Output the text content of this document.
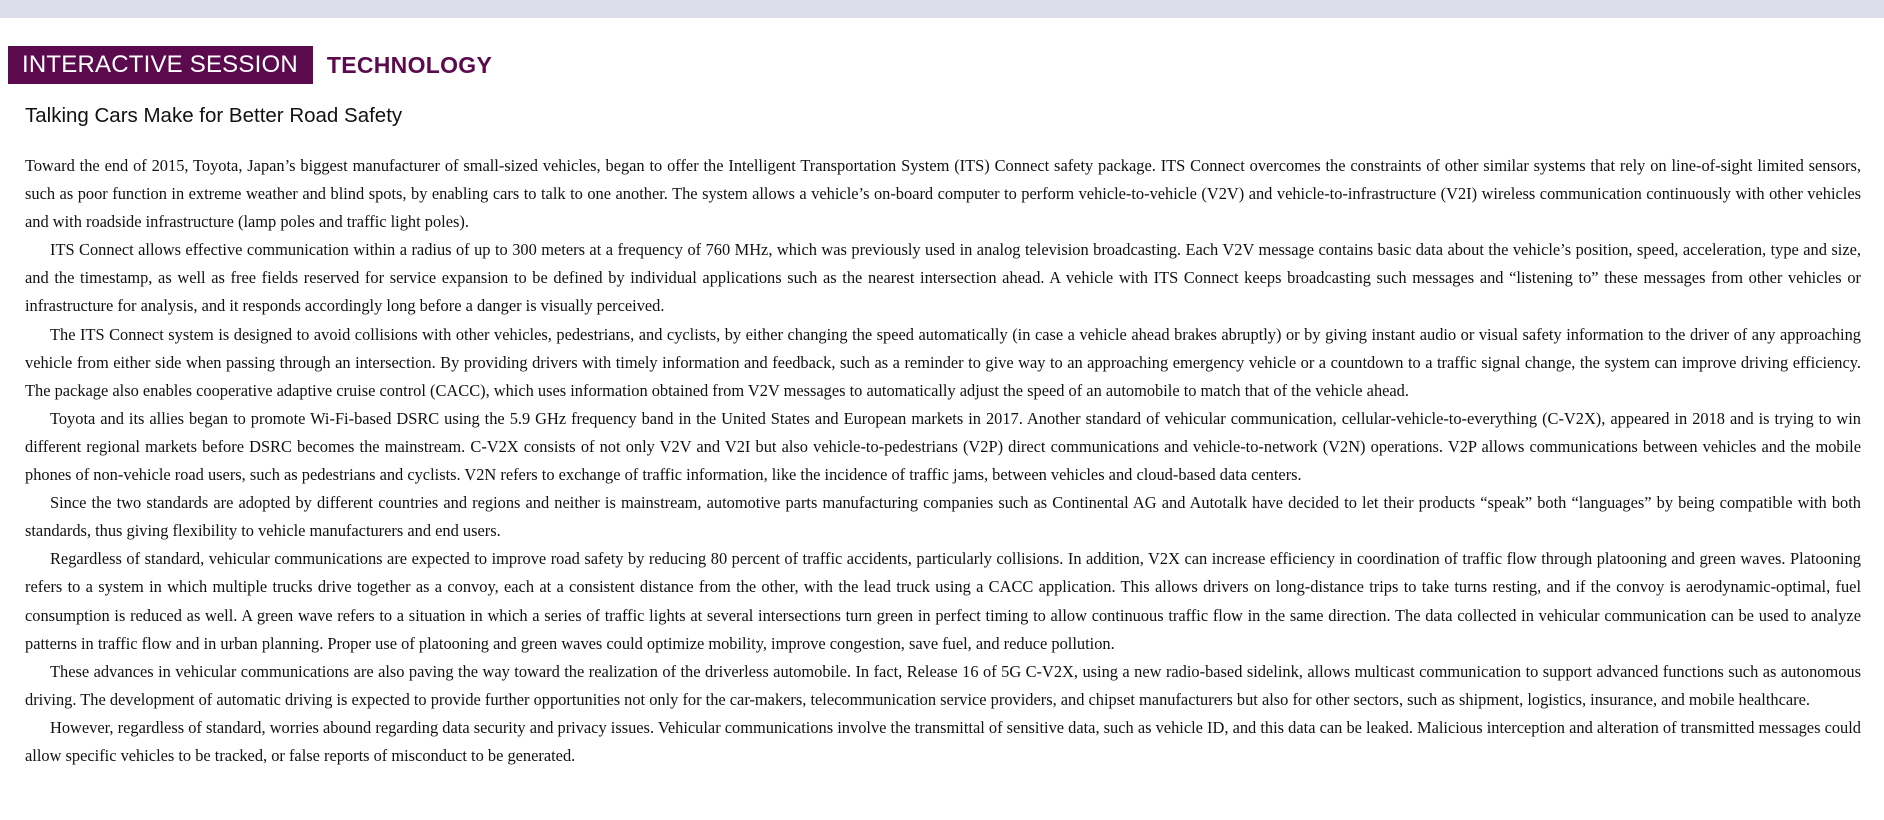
INTERACTIVE SESSION	TECHNOLOGY
Talking Cars Make for Better Road Safety

Toward the end of 2015, Toyota, Japan’s biggest manufacturer of small-sized vehicles, began to offer the Intelligent Transportation System (ITS) Connect safety package. ITS Connect overcomes the constraints of other similar systems that rely on line-of-sight limited sensors, such as poor function in extreme weather and blind spots, by enabling cars to talk to one another. The system allows a vehicle’s on-board computer to perform vehicle-to-vehicle (V2V) and vehicle-to-infrastructure (V2I) wireless communication continuously with other vehicles and with roadside infrastructure (lamp poles and traffic light poles).

ITS Connect allows effective communication within a radius of up to 300 meters at a frequency of 760 MHz, which was previously used in analog television broadcasting. Each V2V message contains basic data about the vehicle’s position, speed, acceleration, type and size, and the timestamp, as well as free fields reserved for service expansion to be defined by individual applications such as the nearest intersection ahead. A vehicle with ITS Connect keeps broadcasting such messages and “listening to” these messages from other vehicles or infrastructure for analysis, and it responds accordingly long before a danger is visually perceived.

The ITS Connect system is designed to avoid collisions with other vehicles, pedestrians, and cyclists, by either changing the speed automatically (in case a vehicle ahead brakes abruptly) or by giving instant audio or visual safety information to the driver of any approaching vehicle from either side when passing through an intersection. By providing drivers with timely information and feedback, such as a reminder to give way to an approaching emergency vehicle or a countdown to a traffic signal change, the system can improve driving efficiency. The package also enables cooperative adaptive cruise control (CACC), which uses information obtained from V2V messages to automatically adjust the speed of an automobile to match that of the vehicle ahead.

Toyota and its allies began to promote Wi-Fi-based DSRC using the 5.9 GHz frequency band in the United States and European markets in 2017. Another standard of vehicular communication, cellular-vehicle-to-everything (C-V2X), appeared in 2018 and is trying to win different regional markets before DSRC becomes the mainstream. C-V2X consists of not only V2V and V2I but also vehicle-to-pedestrians (V2P) direct communications and vehicle-to-network (V2N) operations. V2P allows communications between vehicles and the mobile phones of non-vehicle road users, such as pedestrians and cyclists. V2N refers to exchange of traffic information, like the incidence of traffic jams, between vehicles and cloud-based data centers.

Since the two standards are adopted by different countries and regions and neither is mainstream, automotive parts manufacturing companies such as Continental AG and Autotalk have decided to let their products “speak” both “languages” by being compatible with both standards, thus giving flexibility to vehicle manufacturers and end users.

Regardless of standard, vehicular communications are expected to improve road safety by reducing 80 percent of traffic accidents, particularly collisions. In addition, V2X can increase efficiency in coordination of traffic flow through platooning and green waves. Platooning refers to a system in which multiple trucks drive together as a convoy, each at a consistent distance from the other, with the lead truck using a CACC application. This allows drivers on long-distance trips to take turns resting, and if the convoy is aerodynamic-optimal, fuel consumption is reduced as well. A green wave refers to a situation in which a series of traffic lights at several intersections turn green in perfect timing to allow continuous traffic flow in the same direction. The data collected in vehicular communication can be used to analyze patterns in traffic flow and in urban planning. Proper use of platooning and green waves could optimize mobility, improve congestion, save fuel, and reduce pollution.

These advances in vehicular communications are also paving the way toward the realization of the driverless automobile. In fact, Release 16 of 5G C-V2X, using a new radio-based sidelink, allows multicast communication to support advanced functions such as autonomous driving. The development of automatic driving is expected to provide further opportunities not only for the car-makers, telecommunication service providers, and chipset manufacturers but also for other sectors, such as shipment, logistics, insurance, and mobile healthcare.

However, regardless of standard, worries abound regarding data security and privacy issues. Vehicular communications involve the transmittal of sensitive data, such as vehicle ID, and this data can be leaked. Malicious interception and alteration of transmitted messages could allow specific vehicles to be tracked, or false reports of misconduct to be generated.
